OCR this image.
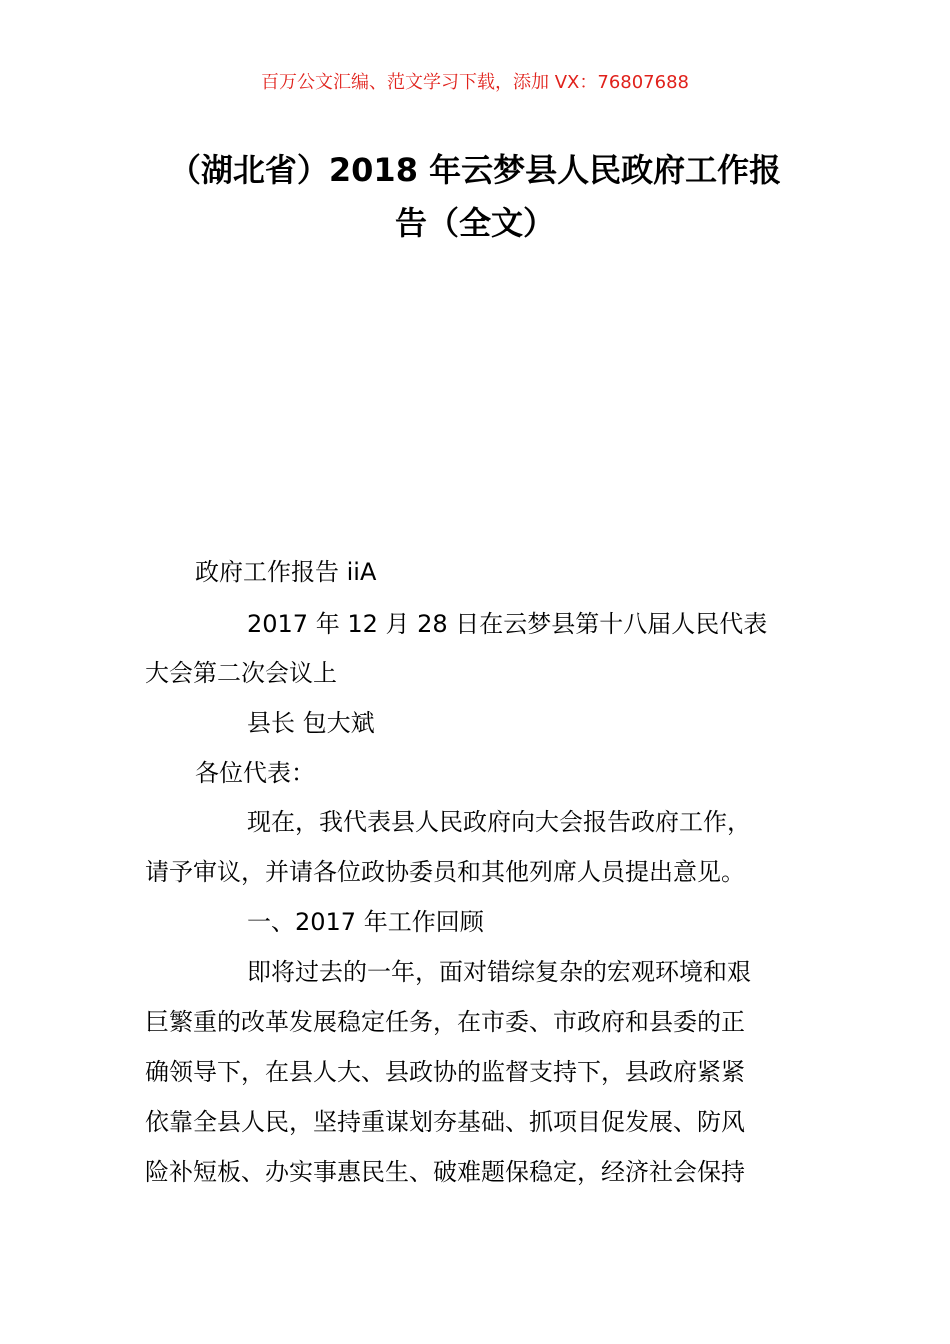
百万公文汇编、范文学习下载，添加 VX：76807688
（湖北省）2018 年云梦县人民政府工作报
告（全文）
政府工作报告 iiA
2017 年 12 月 28 日在云梦县第十八届人民代表
大会第二次会议上
县长 包大斌
各位代表：
现在，我代表县人民政府向大会报告政府工作，
请予审议，并请各位政协委员和其他列席人员提出意见。
一、2017 年工作回顾
即将过去的一年，面对错综复杂的宏观环境和艰
巨繁重的改革发展稳定任务，在市委、市政府和县委的正
确领导下，在县人大、县政协的监督支持下，县政府紧紧
依靠全县人民，坚持重谋划夯基础、抓项目促发展、防风
险补短板、办实事惠民生、破难题保稳定，经济社会保持
